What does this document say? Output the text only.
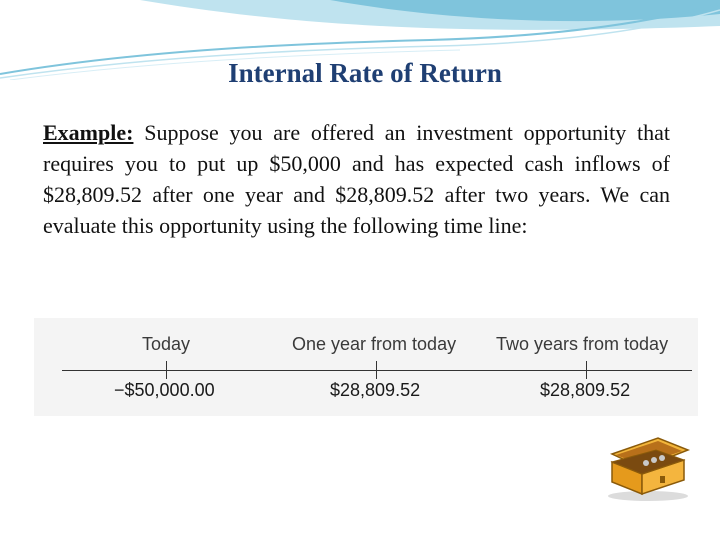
Internal Rate of Return
Example: Suppose you are offered an investment opportunity that requires you to put up $50,000 and has expected cash inflows of $28,809.52 after one year and $28,809.52 after two years. We can evaluate this opportunity using the following time line:
Today
−$50,000.00
One year from today
$28,809.52
Two years from today
$28,809.52
